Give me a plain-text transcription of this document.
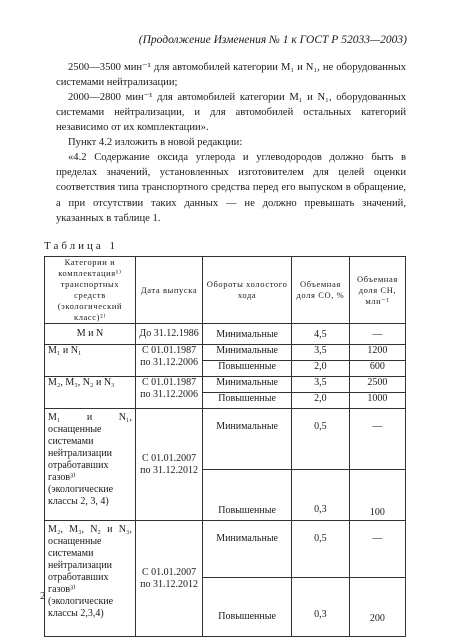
(Продолжение Изменения № 1 к ГОСТ Р 52033—2003)
2500—3500 мин⁻¹ для автомобилей категории M₁ и N₁, не оборудованных системами нейтрализации;
2000—2800 мин⁻¹ для автомобилей категории M₁ и N₁, оборудованных системами нейтрализации, и для автомобилей остальных категорий независимо от их комплектации».
Пункт 4.2 изложить в новой редакции:
«4.2 Содержание оксида углерода и углеводородов должно быть в пределах значений, установленных изготовителем для целей оценки соответствия типа транспортного средства перед его выпуском в обращение, а при отсутствии таких данных — не должно превышать значений, указанных в таблице 1.
Таблица 1
Категории и комплектация¹⁾ транспортных средств (экологический класс)²⁾	Дата выпуска	Обороты холостого хода	Объемная доля CO, %	Объемная доля CH, млн⁻¹
M и N	До 31.12.1986	Минимальные	4,5	—
M₁ и N₁	С 01.01.1987 по 31.12.2006	Минимальные	3,5	1200
		Повышенные	2,0	600
M₂, M₃, N₂ и N₃	С 01.01.1987 по 31.12.2006	Минимальные	3,5	2500
		Повышенные	2,0	1000
M₁ и N₁, оснащенные системами нейтрализации отработавших газов³⁾ (экологические классы 2, 3, 4)	С 01.01.2007 по 31.12.2012	Минимальные	0,5	—
		Повышенные	0,3	100
M₂, M₃, N₂ и N₃, оснащенные системами нейтрализации отработавших газов³⁾ (экологические классы 2,3,4)	С 01.01.2007 по 31.12.2012	Минимальные	0,5	—
		Повышенные	0,3	200
2
